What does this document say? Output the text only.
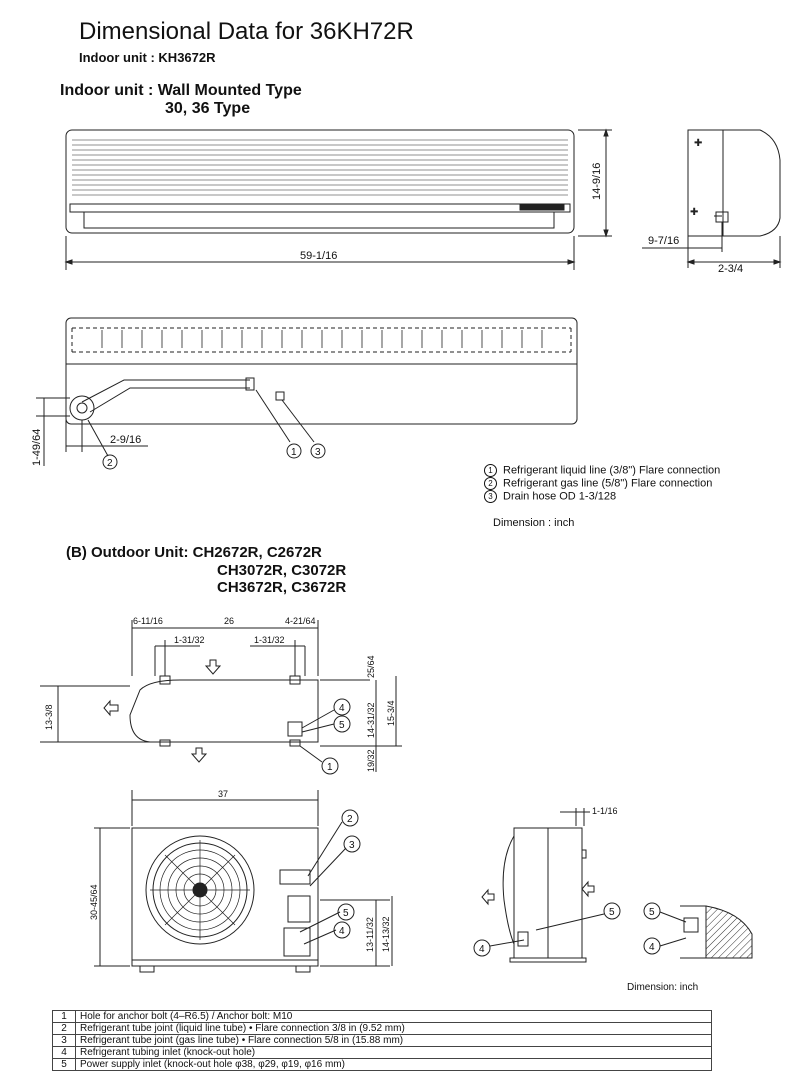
Dimensional Data for 36KH72R
Indoor unit : KH3672R
Indoor unit : Wall Mounted Type
30, 36 Type
59-1/16
14-9/16
✚
✚
9-7/16
2-3/4
2-9/16
1-49/64	1
2
3
6-11/16	26	4-21/64
1-31/32	1-31/32
13-3/8
25/64
14-31/32 15-3/4
19/32
4
5
1
37
30-45/64
13-11/32 14-13/32
2
3
5
4
1-1/16
4
5	5
4
1 Refrigerant liquid line (3/8") Flare connection
2 Refrigerant gas line (5/8") Flare connection
3 Drain hose OD 1-3/128
Dimension : inch
(B) Outdoor Unit: CH2672R, C2672R
CH3072R, C3072R
CH3672R, C3672R
Dimension: inch
1	Hole for anchor bolt (4–R6.5) / Anchor bolt: M10
2	Refrigerant tube joint (liquid line tube) • Flare connection 3/8 in (9.52 mm)
3	Refrigerant tube joint (gas line tube) • Flare connection 5/8 in (15.88 mm)
4	Refrigerant tubing inlet (knock-out hole)
5	Power supply inlet (knock-out hole φ38, φ29, φ19, φ16 mm)
